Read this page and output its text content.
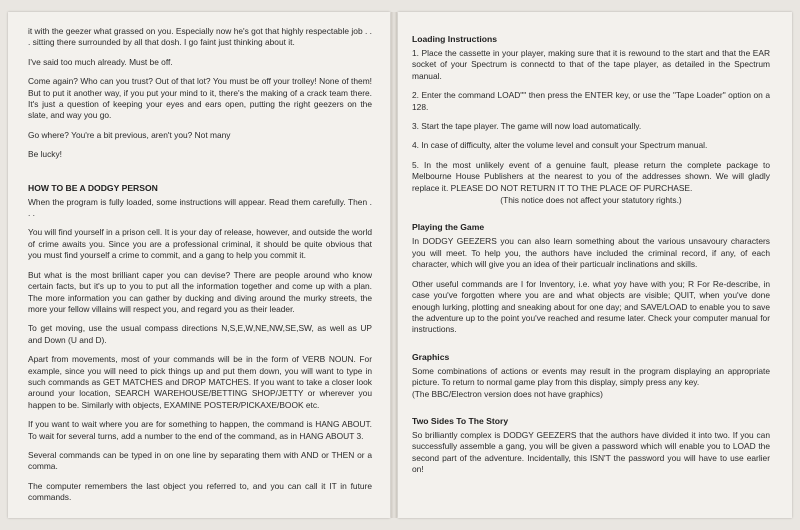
it with the geezer what grassed on you. Especially now he's got that highly respectable job . . . sitting there surrounded by all that dosh. I go faint just thinking about it.

I've said too much already. Must be off.

Come again? Who can you trust? Out of that lot? You must be off your trolley! None of them! But to put it another way, if you put your mind to it, there's the making of a crack team there. It's just a question of keeping your eyes and ears open, putting the right geezers on the slate, and way you go.

Go where? You're a bit previous, aren't you? Not many

Be lucky!

HOW TO BE A DODGY PERSON

When the program is fully loaded, some instructions will appear. Read them carefully. Then . . .

You will find yourself in a prison cell. It is your day of release, however, and outside the world of crime awaits you. Since you are a professional criminal, it should be quite obvious that you must find yourself a crime to commit, and a gang to help you commit it.

But what is the most brilliant caper you can devise? There are people around who know certain facts, but it's up to you to put all the information together and come up with a plan. The more information you can gather by ducking and diving around the murky streets, the more your fellow villains will respect you, and regard you as their leader.

To get moving, use the usual compass directions N,S,E,W,NE,NW,SE,SW, as well as UP and Down (U and D).

Apart from movements, most of your commands will be in the form of VERB NOUN. For example, since you will need to pick things up and put them down, you will want to type in such commands as GET MATCHES and DROP MATCHES. If you want to take a closer look around your location, SEARCH WAREHOUSE/BETTING SHOP/JETTY or wherever you happen to be. Similarly with objects, EXAMINE POSTER/PICKAXE/BOOK etc.

If you want to wait where you are for something to happen, the command is HANG ABOUT. To wait for several turns, add a number to the end of the command, as in HANG ABOUT 3.

Several commands can be typed in on one line by separating them with AND or THEN or a comma.

The computer remembers the last object you referred to, and you can call it IT in future commands.

Loading Instructions

1. Place the cassette in your player, making sure that it is rewound to the start and that the EAR socket of your Spectrum is connectd to that of the tape player, as detailed in the Spectrum manual.

2. Enter the command LOAD"" then press the ENTER key, or use the "Tape Loader" option on a 128.

3. Start the tape player. The game will now load automatically.

4. In case of difficulty, alter the volume level and consult your Spectrum manual.

5. In the most unlikely event of a genuine fault, please return the complete package to Melbourne House Publishers at the nearest to you of the addresses shown. We will gladly replace it. PLEASE DO NOT RETURN IT TO THE PLACE OF PURCHASE.

(This notice does not affect your statutory rights.)

Playing the Game

In DODGY GEEZERS you can also learn something about the various unsavoury characters you will meet. To help you, the authors have included the criminal record, if any, of each character, which will give you an idea of their particualr inclinations and skills.

Other useful commands are I for Inventory, i.e. what yoy have with you; R For Re-describe, in case you've forgotten where you are and what objects are visible; QUIT, when you've done enough lurking, plotting and sneaking about for one day; and SAVE/LOAD to enable you to save the adventure up to the point you've reached and resume later. Check your computer manual for instructions.

Graphics

Some combinations of actions or events may result in the program displaying an appropriate picture. To return to normal game play from this display, simply press any key.

(The BBC/Electron version does not have graphics)

Two Sides To The Story

So brilliantly complex is DODGY GEEZERS that the authors have divided it into two. If you can successfully assemble a gang, you will be given a password which will enable you to LOAD the second part of the adventure. Incidentally, this ISN'T the password you will have to use earlier on!
